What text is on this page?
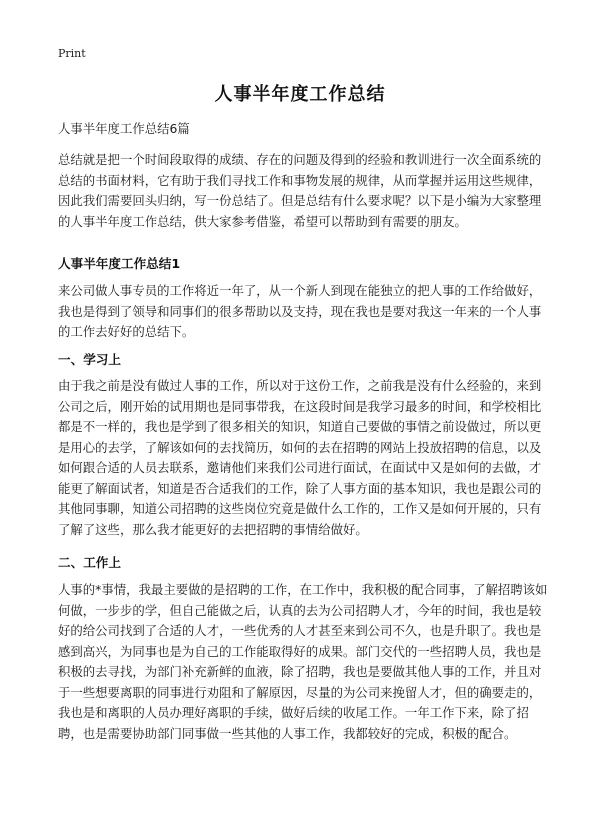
Print
人事半年度工作总结

人事半年度工作总结6篇

总结就是把一个时间段取得的成绩、存在的问题及得到的经验和教训进行一次全面系统的总结的书面材料，它有助于我们寻找工作和事物发展的规律，从而掌握并运用这些规律，因此我们需要回头归纳，写一份总结了。但是总结有什么要求呢？以下是小编为大家整理的人事半年度工作总结，供大家参考借鉴，希望可以帮助到有需要的朋友。

人事半年度工作总结1

来公司做人事专员的工作将近一年了，从一个新人到现在能独立的把人事的工作给做好，我也是得到了领导和同事们的很多帮助以及支持，现在我也是要对我这一年来的一个人事的工作去好好的总结下。

一、学习上

由于我之前是没有做过人事的工作，所以对于这份工作，之前我是没有什么经验的，来到公司之后，刚开始的试用期也是同事带我，在这段时间是我学习最多的时间，和学校相比都是不一样的，我也是学到了很多相关的知识，知道自己要做的事情之前设做过，所以更是用心的去学，了解该如何的去找简历，如何的去在招聘的网站上投放招聘的信息，以及如何跟合适的人员去联系，邀请他们来我们公司进行面试，在面试中又是如何的去做，才能更了解面试者，知道是否合适我们的工作，除了人事方面的基本知识，我也是跟公司的其他同事聊，知道公司招聘的这些岗位究竟是做什么工作的，工作又是如何开展的，只有了解了这些，那么我才能更好的去把招聘的事情给做好。

二、工作上

人事的*事情，我最主要做的是招聘的工作，在工作中，我积极的配合同事，了解招聘该如何做，一步步的学，但自己能做之后，认真的去为公司招聘人才，今年的时间，我也是较好的给公司找到了合适的人才，一些优秀的人才甚至来到公司不久，也是升职了。我也是感到高兴，为同事也是为自己的工作能取得好的成果。部门交代的一些招聘人员，我也是积极的去寻找，为部门补充新鲜的血液，除了招聘，我也是要做其他人事的工作，并且对于一些想要离职的同事进行劝阻和了解原因，尽量的为公司来挽留人才，但的确要走的，我也是和离职的人员办理好离职的手续，做好后续的收尾工作。一年工作下来，除了招聘，也是需要协助部门同事做一些其他的人事工作，我都较好的完成，积极的配合。
